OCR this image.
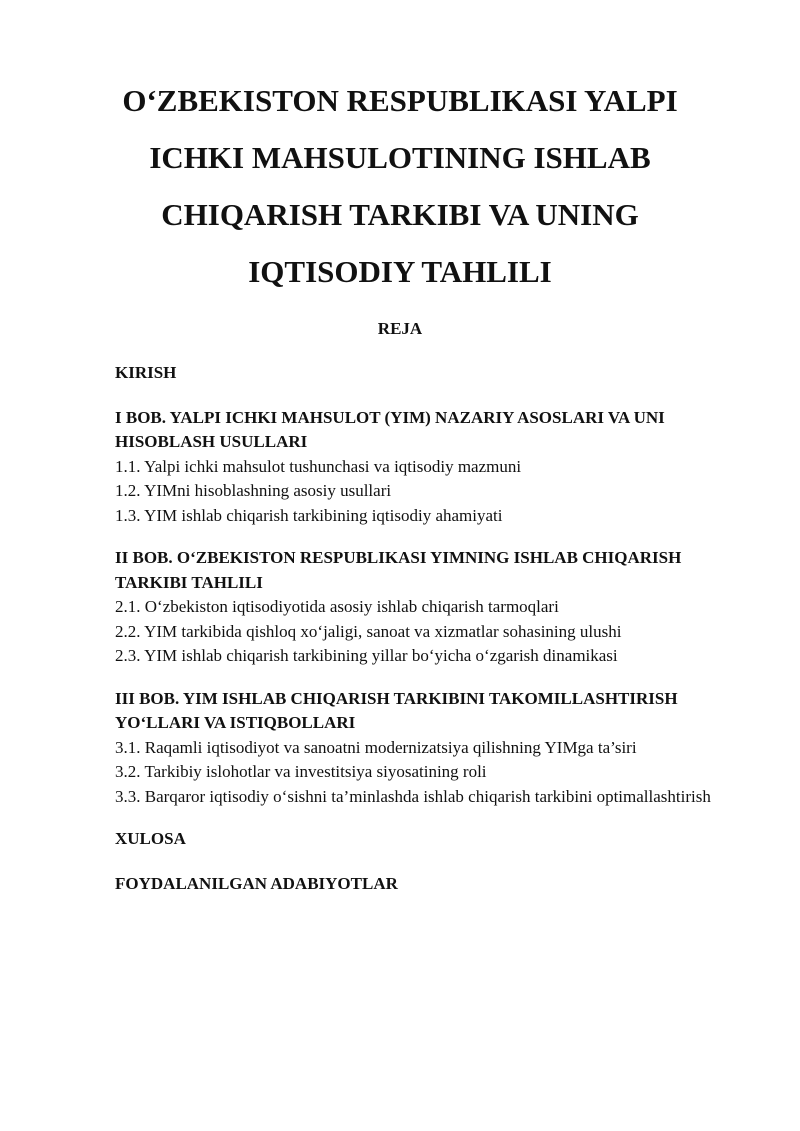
O‘ZBEKISTON RESPUBLIKASI YALPI
ICHKI MAHSULOTINING ISHLAB
CHIQARISH TARKIBI VA UNING
IQTISODIY TAHLILI

REJA

KIRISH

I BOB. YALPI ICHKI MAHSULOT (YIM) NAZARIY ASOSLARI VA UNI
HISOBLASH USULLARI

1.1. Yalpi ichki mahsulot tushunchasi va iqtisodiy mazmuni
1.2. YIMni hisoblashning asosiy usullari
1.3. YIM ishlab chiqarish tarkibining iqtisodiy ahamiyati

II BOB. O‘ZBEKISTON RESPUBLIKASI YIMNING ISHLAB CHIQARISH
TARKIBI TAHLILI

2.1. O‘zbekiston iqtisodiyotida asosiy ishlab chiqarish tarmoqlari
2.2. YIM tarkibida qishloq xo‘jaligi, sanoat va xizmatlar sohasining ulushi
2.3. YIM ishlab chiqarish tarkibining yillar bo‘yicha o‘zgarish dinamikasi

III BOB. YIM ISHLAB CHIQARISH TARKIBINI TAKOMILLASHTIRISH
YO‘LLARI VA ISTIQBOLLARI

3.1. Raqamli iqtisodiyot va sanoatni modernizatsiya qilishning YIMga ta’siri
3.2. Tarkibiy islohotlar va investitsiya siyosatining roli
3.3. Barqaror iqtisodiy o‘sishni ta’minlashda ishlab chiqarish tarkibini optimallashtirish

XULOSA

FOYDALANILGAN ADABIYOTLAR
